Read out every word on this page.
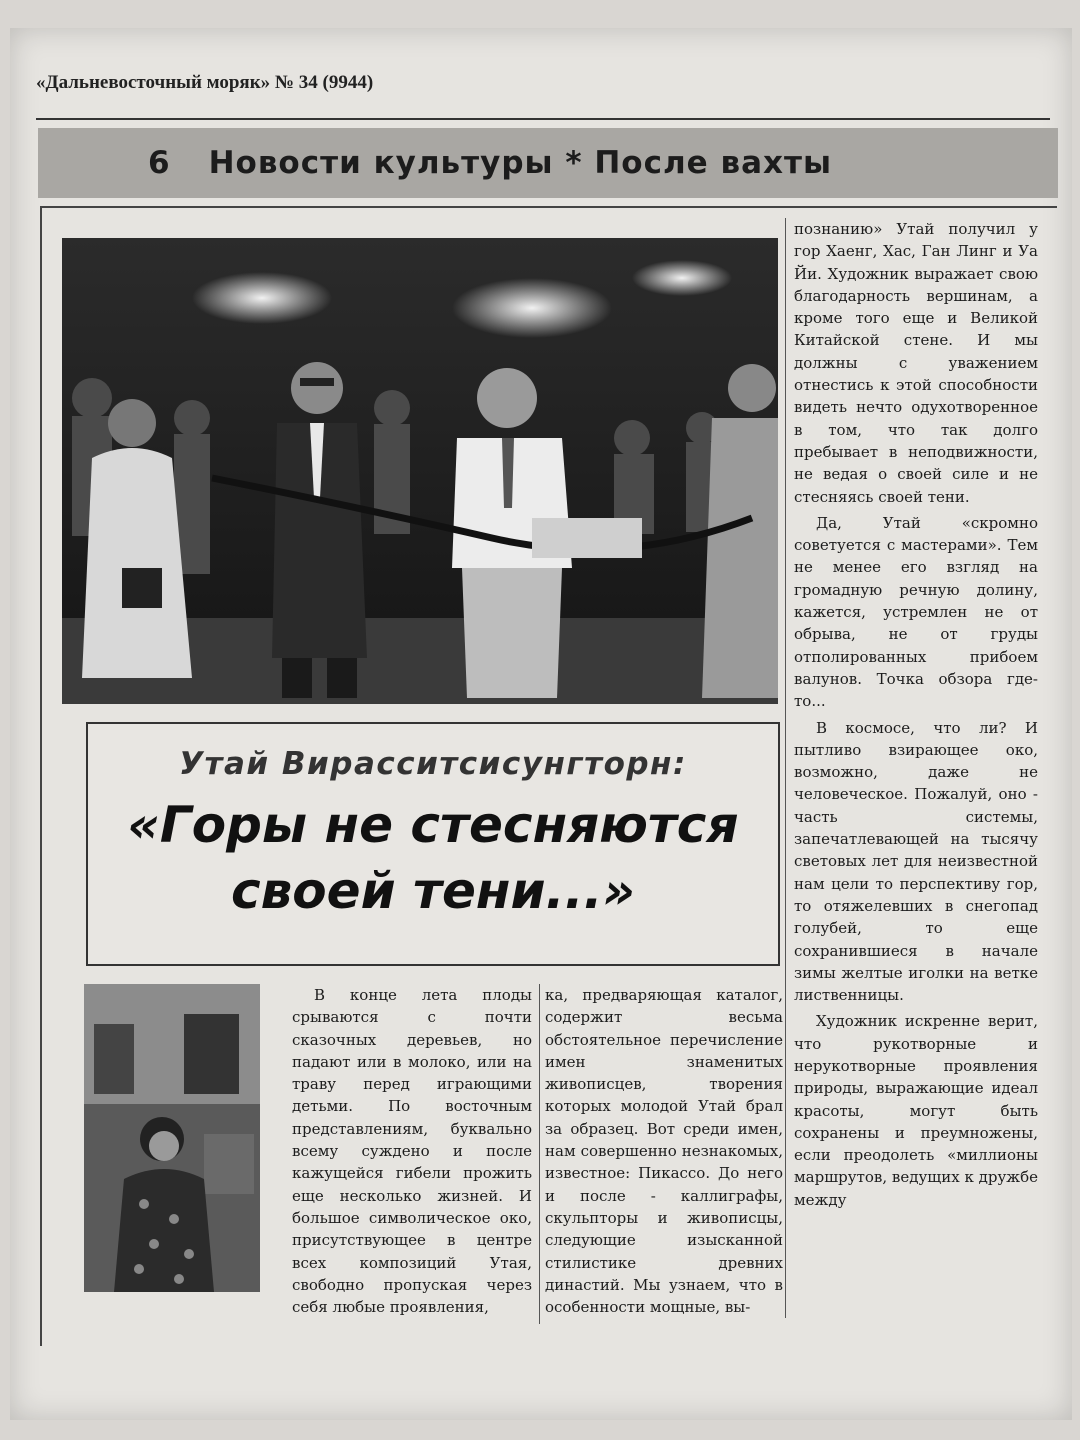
«Дальневосточный моряк» № 34 (9944)
6 Новости культуры * После вахты
Утай Вирасситсисунгторн:
«Горы не стесняются
своей тени...»

познанию» Утай получил у гор Хаенг, Хас, Ган Линг и Уа Йи. Художник выражает свою благодарность вершинам, а кроме того еще и Великой Китайской стене. И мы должны с уважением отнестись к этой способности видеть нечто одухотворенное в том, что так долго пребывает в неподвижности, не ведая о своей силе и не стесняясь своей тени.

Да, Утай «скромно советуется с мастерами». Тем не менее его взгляд на громадную речную долину, кажется, устремлен не от обрыва, не от груды отполированных прибоем валунов. Точка обзора где-то...

В космосе, что ли? И пытливо взирающее око, возможно, даже не человеческое. Пожалуй, оно - часть системы, запечатлевающей на тысячу световых лет для неизвестной нам цели то перспективу гор, то отяжелевших в снегопад голубей, то еще сохранившиеся в начале зимы желтые иголки на ветке лиственницы.

Художник искренне верит, что рукотворные и нерукотворные проявления природы, выражающие идеал красоты, могут быть сохранены и преумножены, если преодолеть «миллионы маршрутов, ведущих к дружбе между

В конце лета плоды срываются с почти сказочных деревьев, но падают или в молоко, или на траву перед играющими детьми. По восточным представлениям, буквально всему суждено и после кажущейся гибели прожить еще несколько жизней. И большое символическое око, присутствующее в центре всех композиций Утая, свободно пропуская через себя любые проявления,

ка, предваряющая каталог, содержит весьма обстоятельное перечисление имен знаменитых живописцев, творения которых молодой Утай брал за образец. Вот среди имен, нам совершенно незнакомых, известное: Пикассо. До него и после - каллиграфы, скульпторы и живописцы, следующие изысканной стилистике древних династий. Мы узнаем, что в особенности мощные, вы-
